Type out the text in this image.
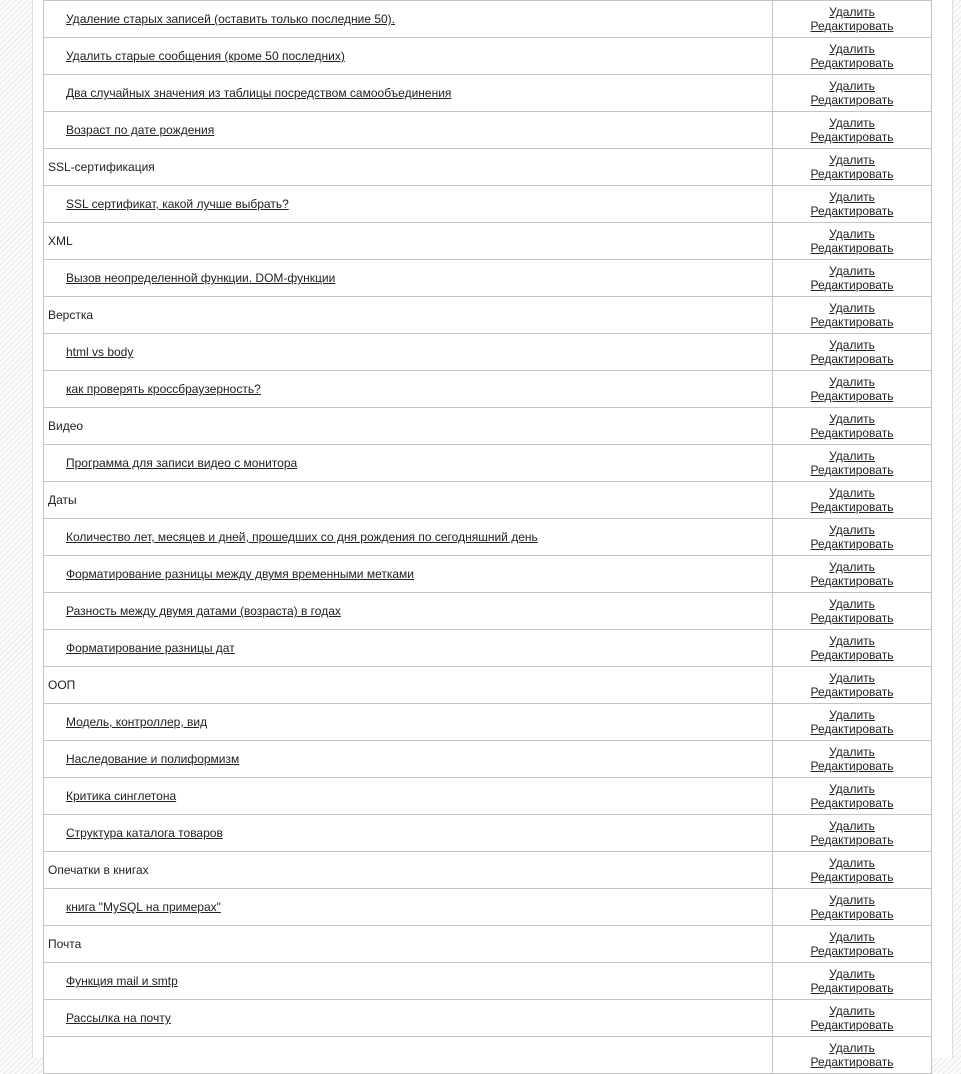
Удаление старых записей (оставить только последние 50).	Удалить
Редактировать

Удалить старые сообщения (кроме 50 последних)	Удалить
Редактировать

Два случайных значения из таблицы посредством самообъединения	Удалить
Редактировать

Возраст по дате рождения	Удалить
Редактировать

SSL-сертификация	Удалить
Редактировать

SSL сертификат, какой лучше выбрать?	Удалить
Редактировать

XML	Удалить
Редактировать

Вызов неопределенной функции. DOM-функции	Удалить
Редактировать

Верстка	Удалить
Редактировать

html vs body	Удалить
Редактировать

как проверять кроссбраузерность?	Удалить
Редактировать

Видео	Удалить
Редактировать

Программа для записи видео с монитора	Удалить
Редактировать

Даты	Удалить
Редактировать

Количество лет, месяцев и дней, прошедших со дня рождения по сегодняшний день	Удалить
Редактировать

Форматирование разницы между двумя временными метками	Удалить
Редактировать

Разность между двумя датами (возраста) в годах	Удалить
Редактировать

Форматирование разницы дат	Удалить
Редактировать

ООП	Удалить
Редактировать

Модель, контроллер, вид	Удалить
Редактировать

Наследование и полиформизм	Удалить
Редактировать

Критика синглетона	Удалить
Редактировать

Структура каталога товаров	Удалить
Редактировать

Опечатки в книгах	Удалить
Редактировать

книга "MySQL на примерах"	Удалить
Редактировать

Почта	Удалить
Редактировать

Функция mail и smtp	Удалить
Редактировать

Рассылка на почту	Удалить
Редактировать

	Удалить
Редактировать
